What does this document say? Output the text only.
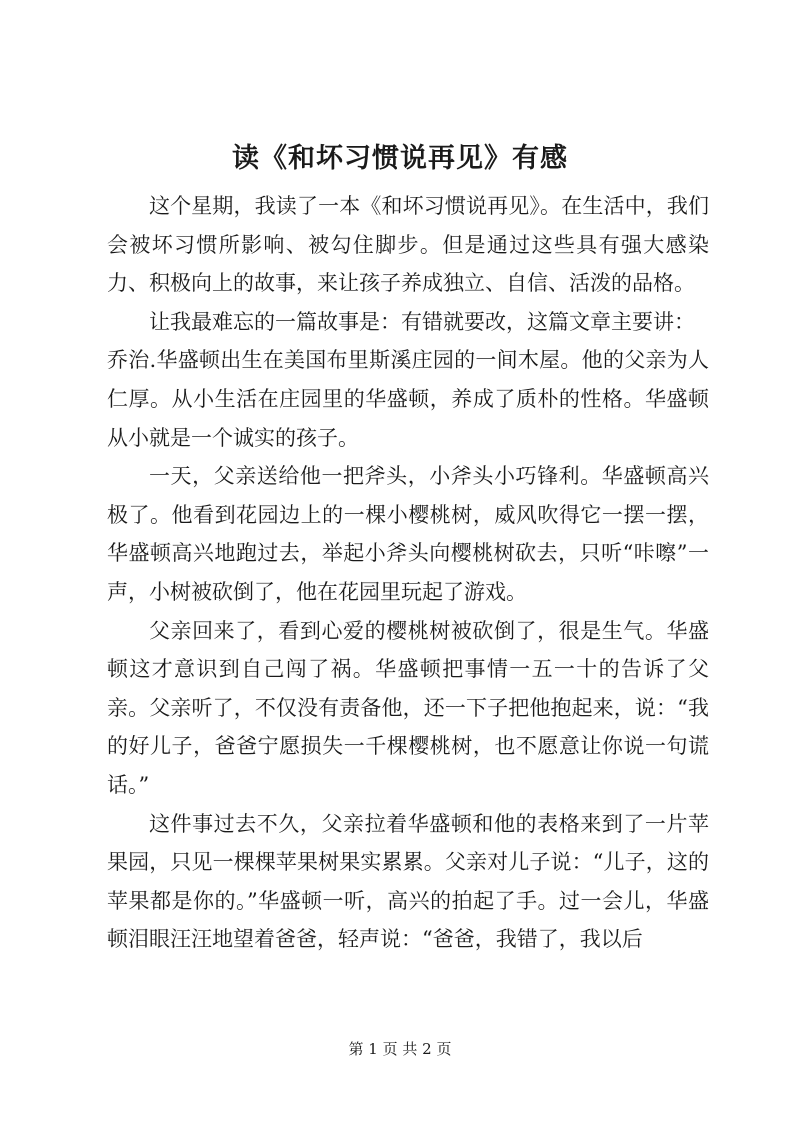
读《和坏习惯说再见》有感

这个星期，我读了一本《和坏习惯说再见》。在生活中，我们会被坏习惯所影响、被勾住脚步。但是通过这些具有强大感染力、积极向上的故事，来让孩子养成独立、自信、活泼的品格。

让我最难忘的一篇故事是：有错就要改，这篇文章主要讲：

乔治.华盛顿出生在美国布里斯溪庄园的一间木屋。他的父亲为人仁厚。从小生活在庄园里的华盛顿，养成了质朴的性格。华盛顿从小就是一个诚实的孩子。

一天，父亲送给他一把斧头，小斧头小巧锋利。华盛顿高兴极了。他看到花园边上的一棵小樱桃树，威风吹得它一摆一摆，华盛顿高兴地跑过去，举起小斧头向樱桃树砍去，只听“咔嚓”一声，小树被砍倒了，他在花园里玩起了游戏。

父亲回来了，看到心爱的樱桃树被砍倒了，很是生气。华盛顿这才意识到自己闯了祸。华盛顿把事情一五一十的告诉了父亲。父亲听了，不仅没有责备他，还一下子把他抱起来，说：“我的好儿子，爸爸宁愿损失一千棵樱桃树，也不愿意让你说一句谎话。”

这件事过去不久，父亲拉着华盛顿和他的表格来到了一片苹果园，只见一棵棵苹果树果实累累。父亲对儿子说：“儿子，这的苹果都是你的。”华盛顿一听，高兴的拍起了手。过一会儿，华盛顿泪眼汪汪地望着爸爸，轻声说：“爸爸，我错了，我以后

第 1 页 共 2 页
